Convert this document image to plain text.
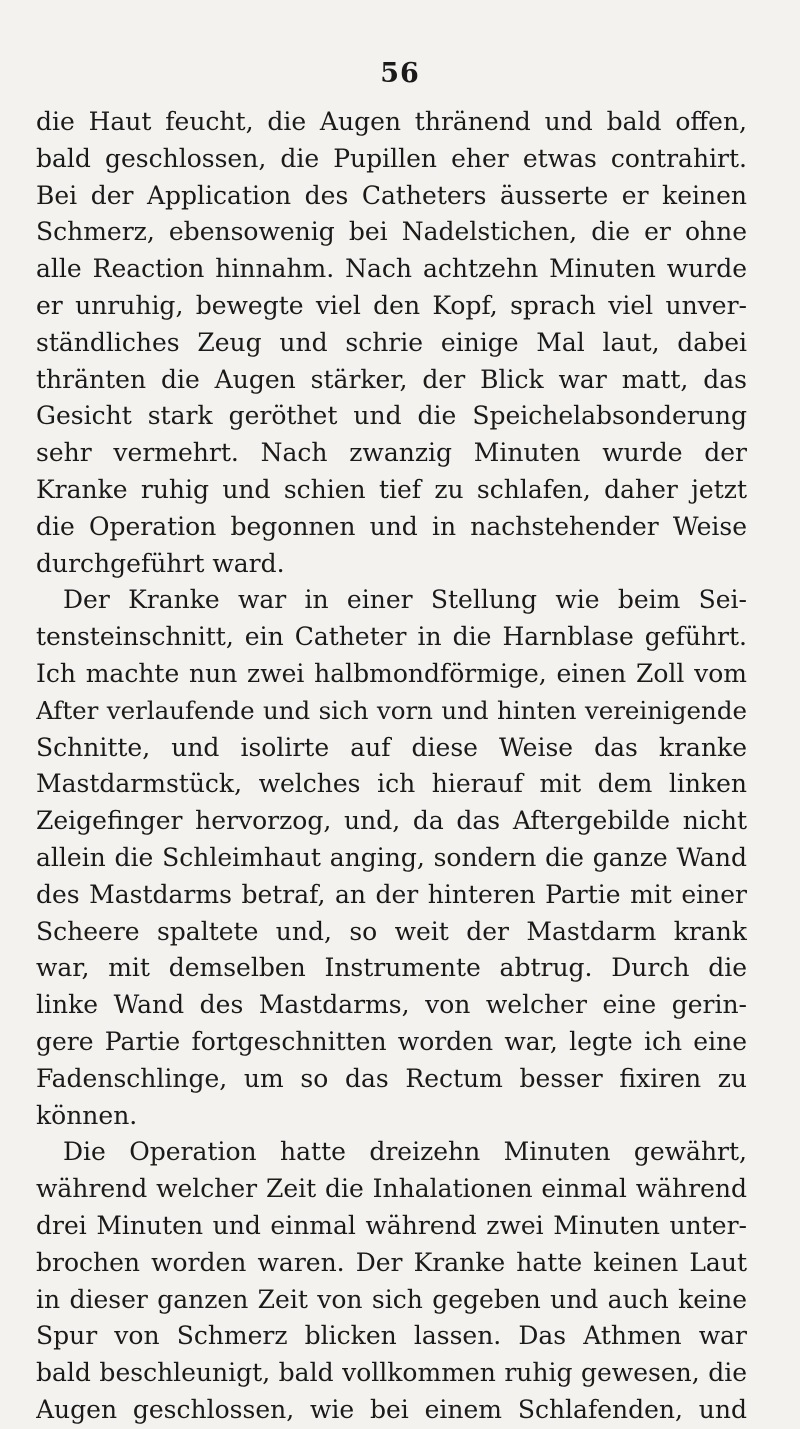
56
die Haut feucht, die Augen thränend und bald offen,
bald geschlossen, die Pupillen eher etwas contrahirt.
Bei der Application des Catheters äusserte er keinen
Schmerz, ebensowenig bei Nadelstichen, die er ohne
alle Reaction hinnahm. Nach achtzehn Minuten wurde
er unruhig, bewegte viel den Kopf, sprach viel unver-
ständliches Zeug und schrie einige Mal laut, dabei
thränten die Augen stärker, der Blick war matt, das
Gesicht stark geröthet und die Speichelabsonderung
sehr vermehrt. Nach zwanzig Minuten wurde der
Kranke ruhig und schien tief zu schlafen, daher jetzt
die Operation begonnen und in nachstehender Weise
durchgeführt ward.
Der Kranke war in einer Stellung wie beim Sei-
tensteinschnitt, ein Catheter in die Harnblase geführt.
Ich machte nun zwei halbmondförmige, einen Zoll vom
After verlaufende und sich vorn und hinten vereinigende
Schnitte, und isolirte auf diese Weise das kranke
Mastdarmstück, welches ich hierauf mit dem linken
Zeigefinger hervorzog, und, da das Aftergebilde nicht
allein die Schleimhaut anging, sondern die ganze Wand
des Mastdarms betraf, an der hinteren Partie mit einer
Scheere spaltete und, so weit der Mastdarm krank
war, mit demselben Instrumente abtrug. Durch die
linke Wand des Mastdarms, von welcher eine gerin-
gere Partie fortgeschnitten worden war, legte ich eine
Fadenschlinge, um so das Rectum besser fixiren zu
können.
Die Operation hatte dreizehn Minuten gewährt,
während welcher Zeit die Inhalationen einmal während
drei Minuten und einmal während zwei Minuten unter-
brochen worden waren. Der Kranke hatte keinen Laut
in dieser ganzen Zeit von sich gegeben und auch keine
Spur von Schmerz blicken lassen. Das Athmen war
bald beschleunigt, bald vollkommen ruhig gewesen, die
Augen geschlossen, wie bei einem Schlafenden, und
